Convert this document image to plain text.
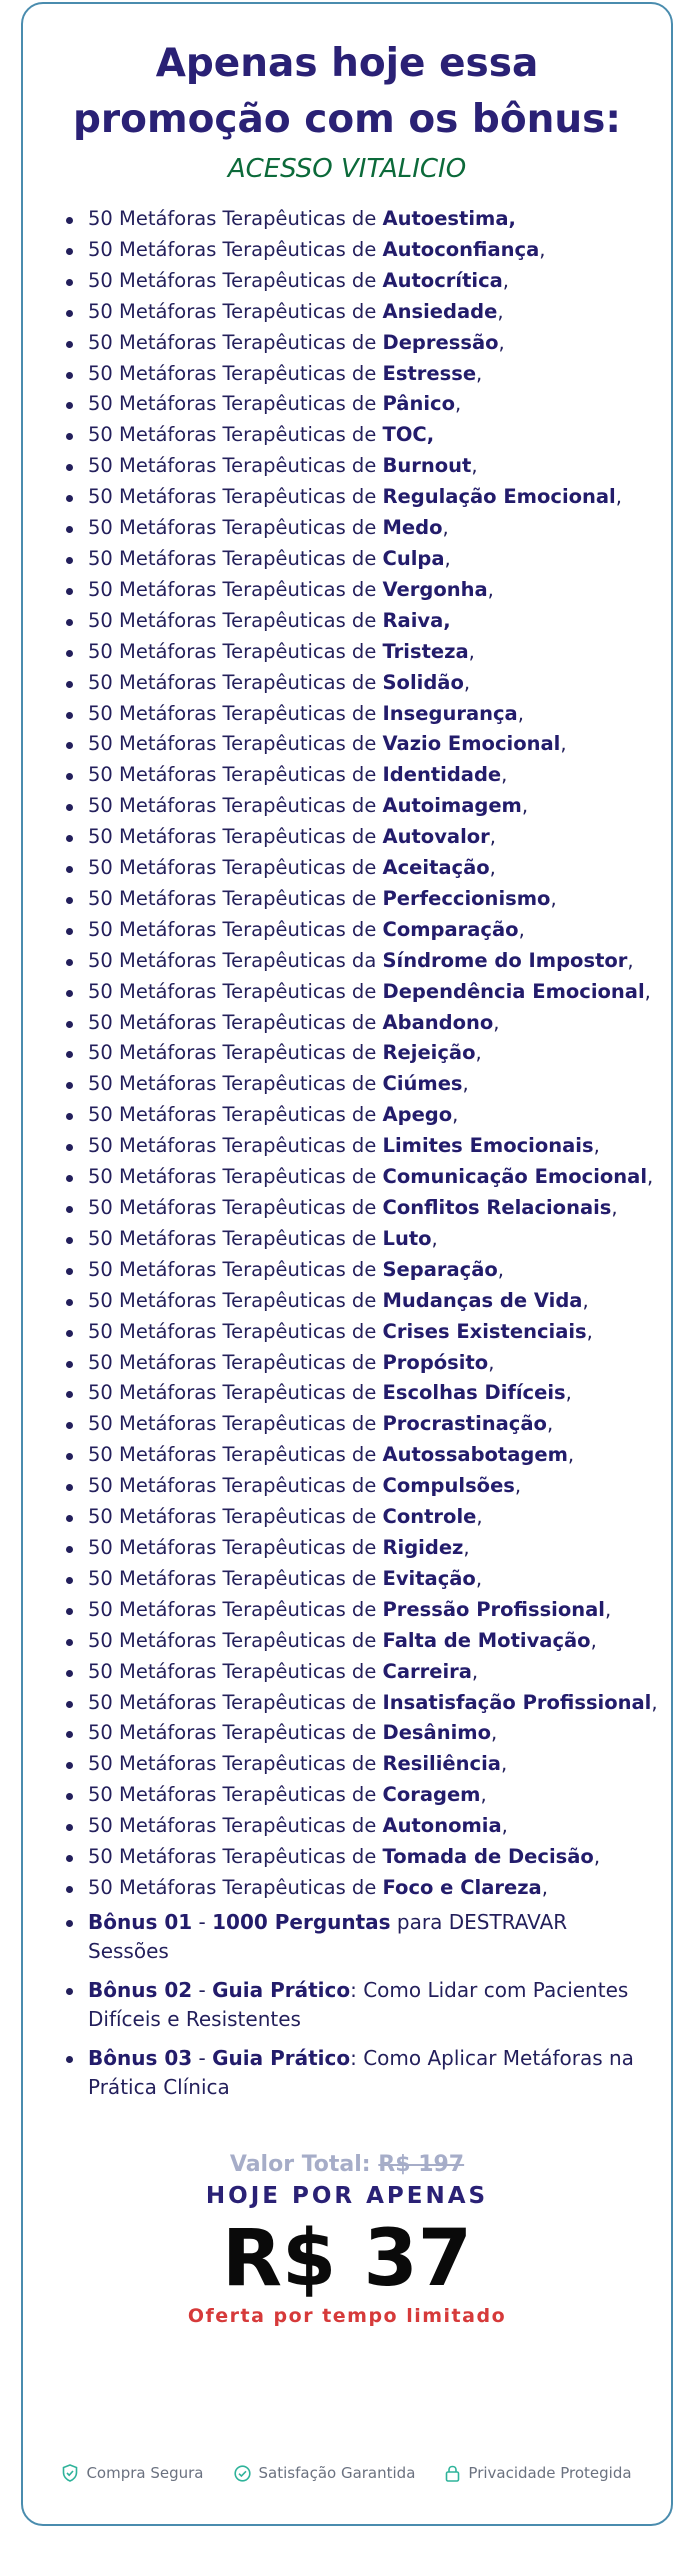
Apenas hoje essa promoção com os bônus:
ACESSO VITALICIO
50 Metáforas Terapêuticas de Autoestima,
50 Metáforas Terapêuticas de Autoconfiança,
50 Metáforas Terapêuticas de Autocrítica,
50 Metáforas Terapêuticas de Ansiedade,
50 Metáforas Terapêuticas de Depressão,
50 Metáforas Terapêuticas de Estresse,
50 Metáforas Terapêuticas de Pânico,
50 Metáforas Terapêuticas de TOC,
50 Metáforas Terapêuticas de Burnout,
50 Metáforas Terapêuticas de Regulação Emocional,
50 Metáforas Terapêuticas de Medo,
50 Metáforas Terapêuticas de Culpa,
50 Metáforas Terapêuticas de Vergonha,
50 Metáforas Terapêuticas de Raiva,
50 Metáforas Terapêuticas de Tristeza,
50 Metáforas Terapêuticas de Solidão,
50 Metáforas Terapêuticas de Insegurança,
50 Metáforas Terapêuticas de Vazio Emocional,
50 Metáforas Terapêuticas de Identidade,
50 Metáforas Terapêuticas de Autoimagem,
50 Metáforas Terapêuticas de Autovalor,
50 Metáforas Terapêuticas de Aceitação,
50 Metáforas Terapêuticas de Perfeccionismo,
50 Metáforas Terapêuticas de Comparação,
50 Metáforas Terapêuticas da Síndrome do Impostor,
50 Metáforas Terapêuticas de Dependência Emocional,
50 Metáforas Terapêuticas de Abandono,
50 Metáforas Terapêuticas de Rejeição,
50 Metáforas Terapêuticas de Ciúmes,
50 Metáforas Terapêuticas de Apego,
50 Metáforas Terapêuticas de Limites Emocionais,
50 Metáforas Terapêuticas de Comunicação Emocional,
50 Metáforas Terapêuticas de Conflitos Relacionais,
50 Metáforas Terapêuticas de Luto,
50 Metáforas Terapêuticas de Separação,
50 Metáforas Terapêuticas de Mudanças de Vida,
50 Metáforas Terapêuticas de Crises Existenciais,
50 Metáforas Terapêuticas de Propósito,
50 Metáforas Terapêuticas de Escolhas Difíceis,
50 Metáforas Terapêuticas de Procrastinação,
50 Metáforas Terapêuticas de Autossabotagem,
50 Metáforas Terapêuticas de Compulsões,
50 Metáforas Terapêuticas de Controle,
50 Metáforas Terapêuticas de Rigidez,
50 Metáforas Terapêuticas de Evitação,
50 Metáforas Terapêuticas de Pressão Profissional,
50 Metáforas Terapêuticas de Falta de Motivação,
50 Metáforas Terapêuticas de Carreira,
50 Metáforas Terapêuticas de Insatisfação Profissional,
50 Metáforas Terapêuticas de Desânimo,
50 Metáforas Terapêuticas de Resiliência,
50 Metáforas Terapêuticas de Coragem,
50 Metáforas Terapêuticas de Autonomia,
50 Metáforas Terapêuticas de Tomada de Decisão,
50 Metáforas Terapêuticas de Foco e Clareza,
Bônus 01 - 1000 Perguntas para DESTRAVAR Sessões
Bônus 02 - Guia Prático: Como Lidar com Pacientes Difíceis e Resistentes
Bônus 03 - Guia Prático: Como Aplicar Metáforas na Prática Clínica
Valor Total: R$ 197
HOJE POR APENAS
R$ 37
Oferta por tempo limitado
Compra Segura	Satisfação Garantida	Privacidade Protegida
